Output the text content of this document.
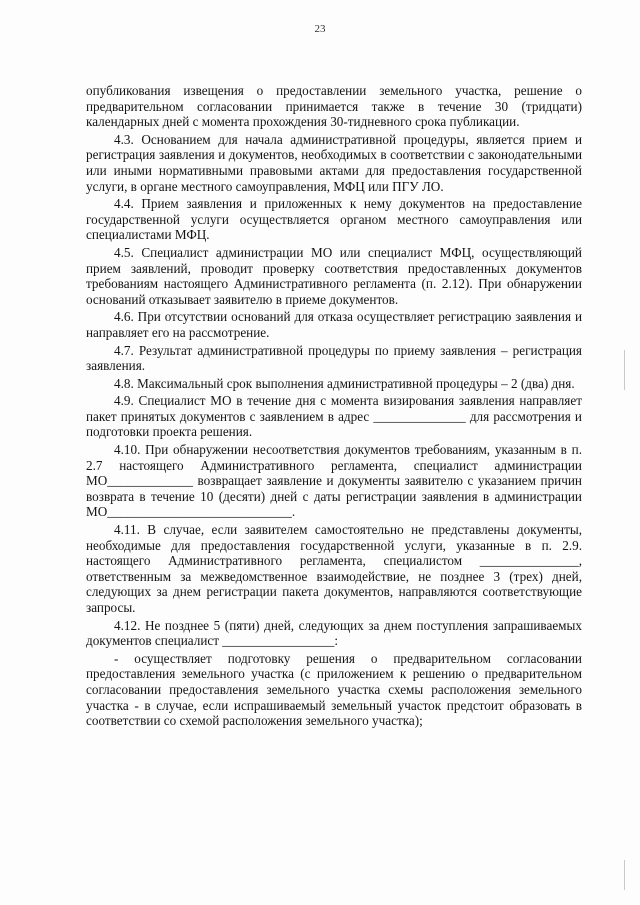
23

опубликования извещения о предоставлении земельного участка, решение о предварительном согласовании принимается также в течение 30 (тридцати) календарных дней с момента прохождения 30-тидневного срока публикации.

4.3. Основанием для начала административной процедуры, является прием и регистрация заявления и документов, необходимых в соответствии с законодательными или иными нормативными правовыми актами для предоставления государственной услуги, в органе местного самоуправления, МФЦ или ПГУ ЛО.

4.4. Прием заявления и приложенных к нему документов на предоставление государственной услуги осуществляется органом местного самоуправления или специалистами МФЦ.

4.5. Специалист администрации МО или специалист МФЦ, осуществляющий прием заявлений, проводит проверку соответствия предоставленных документов требованиям настоящего Административного регламента (п. 2.12). При обнаружении оснований отказывает заявителю в приеме документов.

4.6. При отсутствии оснований для отказа осуществляет регистрацию заявления и направляет его на рассмотрение.

4.7. Результат административной процедуры по приему заявления – регистрация заявления.

4.8. Максимальный срок выполнения административной процедуры – 2 (два) дня.

4.9. Специалист МО в течение дня с момента визирования заявления направляет пакет принятых документов с заявлением в адрес ______________ для рассмотрения и подготовки проекта решения.

4.10. При обнаружении несоответствия документов требованиям, указанным в п. 2.7 настоящего Административного регламента, специалист администрации МО_____________ возвращает заявление и документы заявителю с указанием причин возврата в течение 10 (десяти) дней с даты регистрации заявления в администрации МО____________________________.

4.11. В случае, если заявителем самостоятельно не представлены документы, необходимые для предоставления государственной услуги, указанные в п. 2.9. настоящего Административного регламента, специалистом _______________, ответственным за межведомственное взаимодействие, не позднее 3 (трех) дней, следующих за днем регистрации пакета документов, направляются соответствующие запросы.

4.12. Не позднее 5 (пяти) дней, следующих за днем поступления запрашиваемых документов специалист _________________:

- осуществляет подготовку решения о предварительном согласовании предоставления земельного участка (с приложением к решению о предварительном согласовании предоставления земельного участка схемы расположения земельного участка - в случае, если испрашиваемый земельный участок предстоит образовать в соответствии со схемой расположения земельного участка);
